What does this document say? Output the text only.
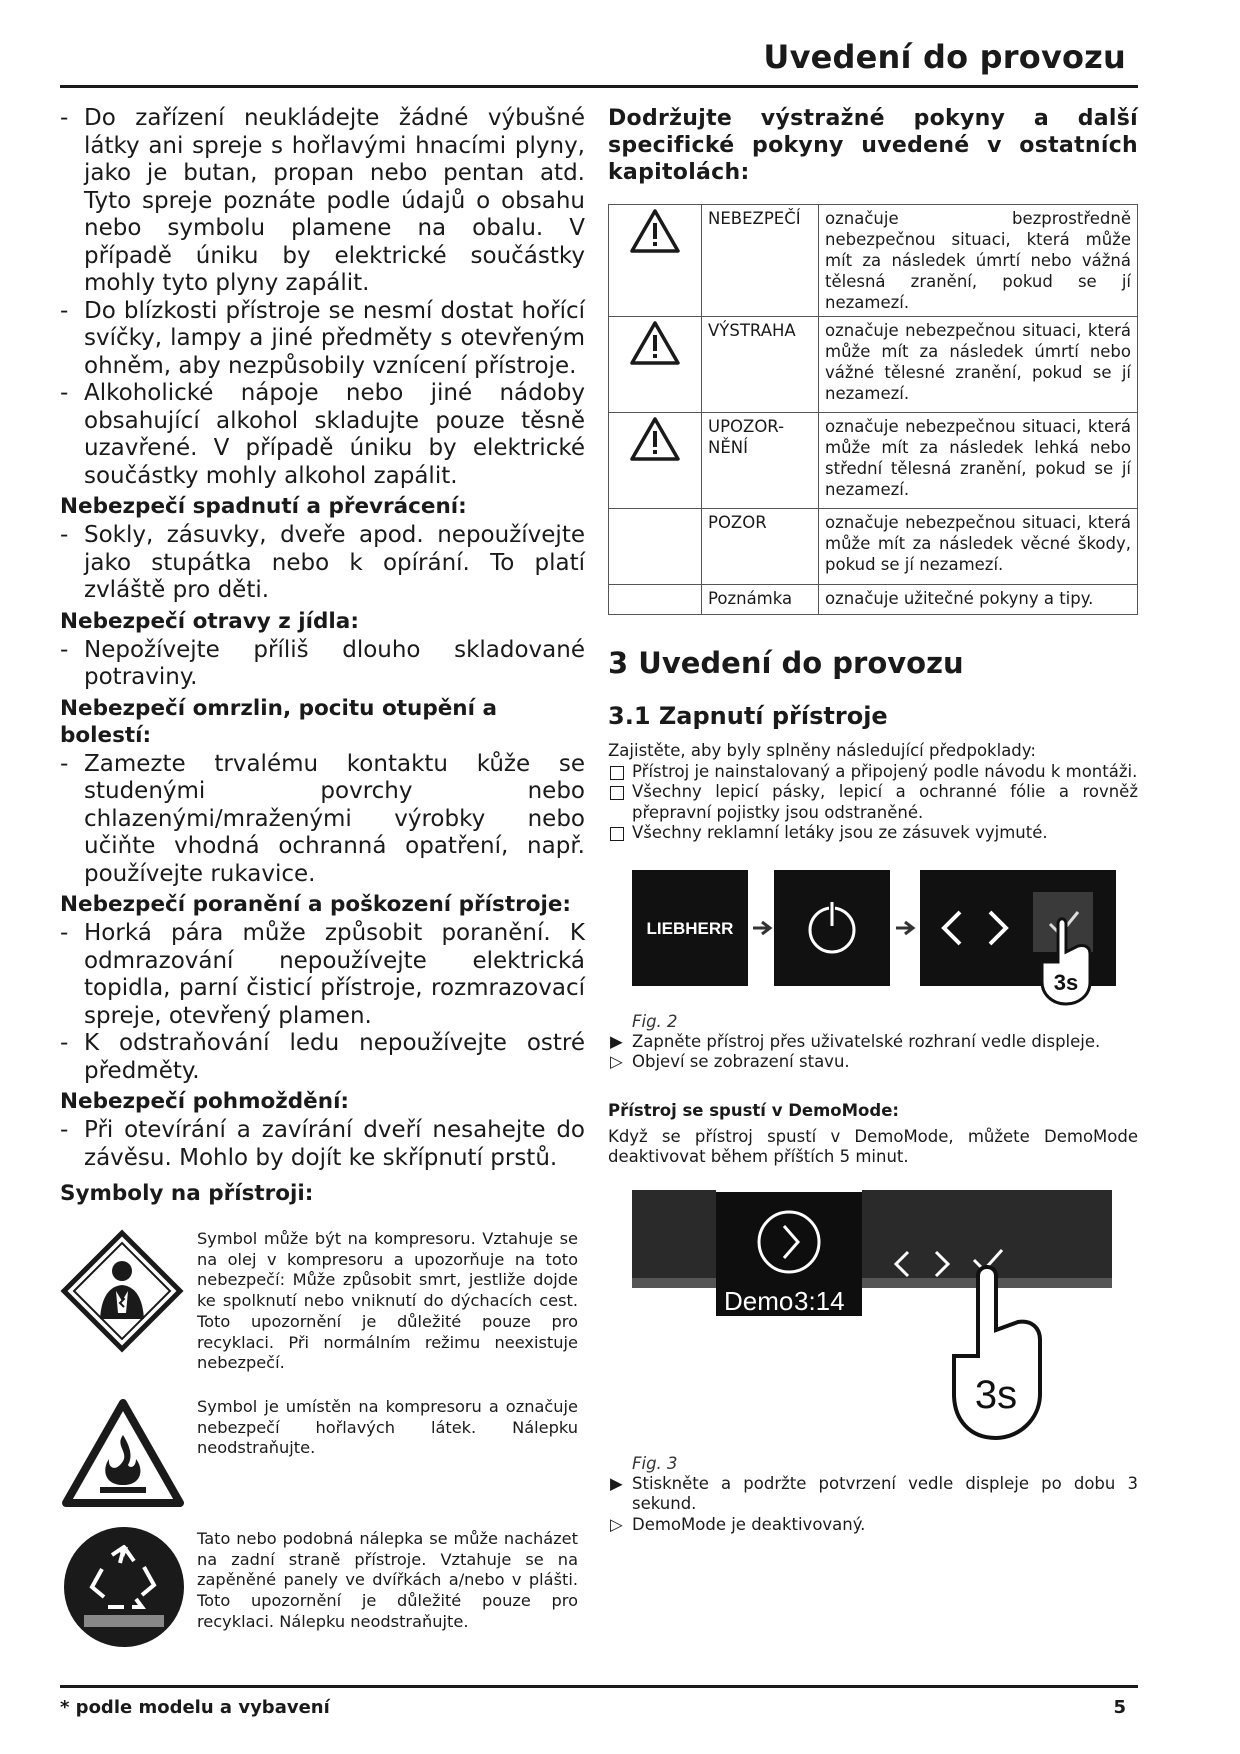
Uvedení do provozu
* podle modelu a vybavení	5
- Do zařízení neukládejte žádné výbušné látky ani spreje s hořlavými hnacími plyny, jako je butan, propan nebo pentan atd. Tyto spreje poznáte podle údajů o obsahu nebo symbolu plamene na obalu. V případě úniku by elektrické součástky mohly tyto plyny zapálit.
- Do blízkosti přístroje se nesmí dostat hořící svíčky, lampy a jiné předměty s otevřeným ohněm, aby nezpůsobily vznícení přístroje.
- Alkoholické nápoje nebo jiné nádoby obsahující alkohol skladujte pouze těsně uzavřené. V případě úniku by elektrické součástky mohly alkohol zapálit.
Nebezpečí spadnutí a převrácení:
- Sokly, zásuvky, dveře apod. nepoužívejte jako stupátka nebo k opírání. To platí zvláště pro děti.
Nebezpečí otravy z jídla:
- Nepožívejte příliš dlouho skladované potraviny.
Nebezpečí omrzlin, pocitu otupění a bolestí:
- Zamezte trvalému kontaktu kůže se studenými povrchy nebo chlazenými/mraženými výrobky nebo učiňte vhodná ochranná opatření, např. používejte rukavice.
Nebezpečí poranění a poškození přístroje:
- Horká pára může způsobit poranění. K odmrazování nepoužívejte elektrická topidla, parní čisticí přístroje, rozmrazovací spreje, otevřený plamen.
- K odstraňování ledu nepoužívejte ostré předměty.
Nebezpečí pohmoždění:
- Při otevírání a zavírání dveří nesahejte do závěsu. Mohlo by dojít ke skřípnutí prstů.
Symboly na přístroji:
Symbol může být na kompresoru. Vztahuje se na olej v kompresoru a upozorňuje na toto nebezpečí: Může způsobit smrt, jestliže dojde ke spolknutí nebo vniknutí do dýchacích cest. Toto upozornění je důležité pouze pro recyklaci. Při normálním režimu neexistuje nebezpečí.
Symbol je umístěn na kompresoru a označuje nebezpečí hořlavých látek. Nálepku neodstraňujte.
Tato nebo podobná nálepka se může nacházet na zadní straně přístroje. Vztahuje se na zapěněné panely ve dvířkách a/nebo v plášti. Toto upozornění je důležité pouze pro recyklaci. Nálepku neodstraňujte.
Dodržujte výstražné pokyny a další specifické pokyny uvedené v ostatních kapitolách:
	NEBEZPEČÍ	označuje bezprostředně nebezpečnou situaci, která může mít za následek úmrtí nebo vážná tělesná zranění, pokud se jí nezamezí.
	VÝSTRAHA	označuje nebezpečnou situaci, která může mít za následek úmrtí nebo vážné tělesné zranění, pokud se jí nezamezí.
	UPOZOR-NĚNÍ	označuje nebezpečnou situaci, která může mít za následek lehká nebo střední tělesná zranění, pokud se jí nezamezí.
	POZOR	označuje nebezpečnou situaci, která může mít za následek věcné škody, pokud se jí nezamezí.
	Poznámka	označuje užitečné pokyny a tipy.
3 Uvedení do provozu
3.1 Zapnutí přístroje
Zajistěte, aby byly splněny následující předpoklady:
Přístroj je nainstalovaný a připojený podle návodu k montáži.
Všechny lepicí pásky, lepicí a ochranné fólie a rovněž přepravní pojistky jsou odstraněné.
Všechny reklamní letáky jsou ze zásuvek vyjmuté.
LIEBHERR
3s
Fig. 2
▶ Zapněte přístroj přes uživatelské rozhraní vedle displeje.
▷ Objeví se zobrazení stavu.
Přístroj se spustí v DemoMode:
Když se přístroj spustí v DemoMode, můžete DemoMode deaktivovat během příštích 5 minut.
Demo 3:14
3s
Fig. 3
▶ Stiskněte a podržte potvrzení vedle displeje po dobu 3 sekund.
▷ DemoMode je deaktivovaný.
